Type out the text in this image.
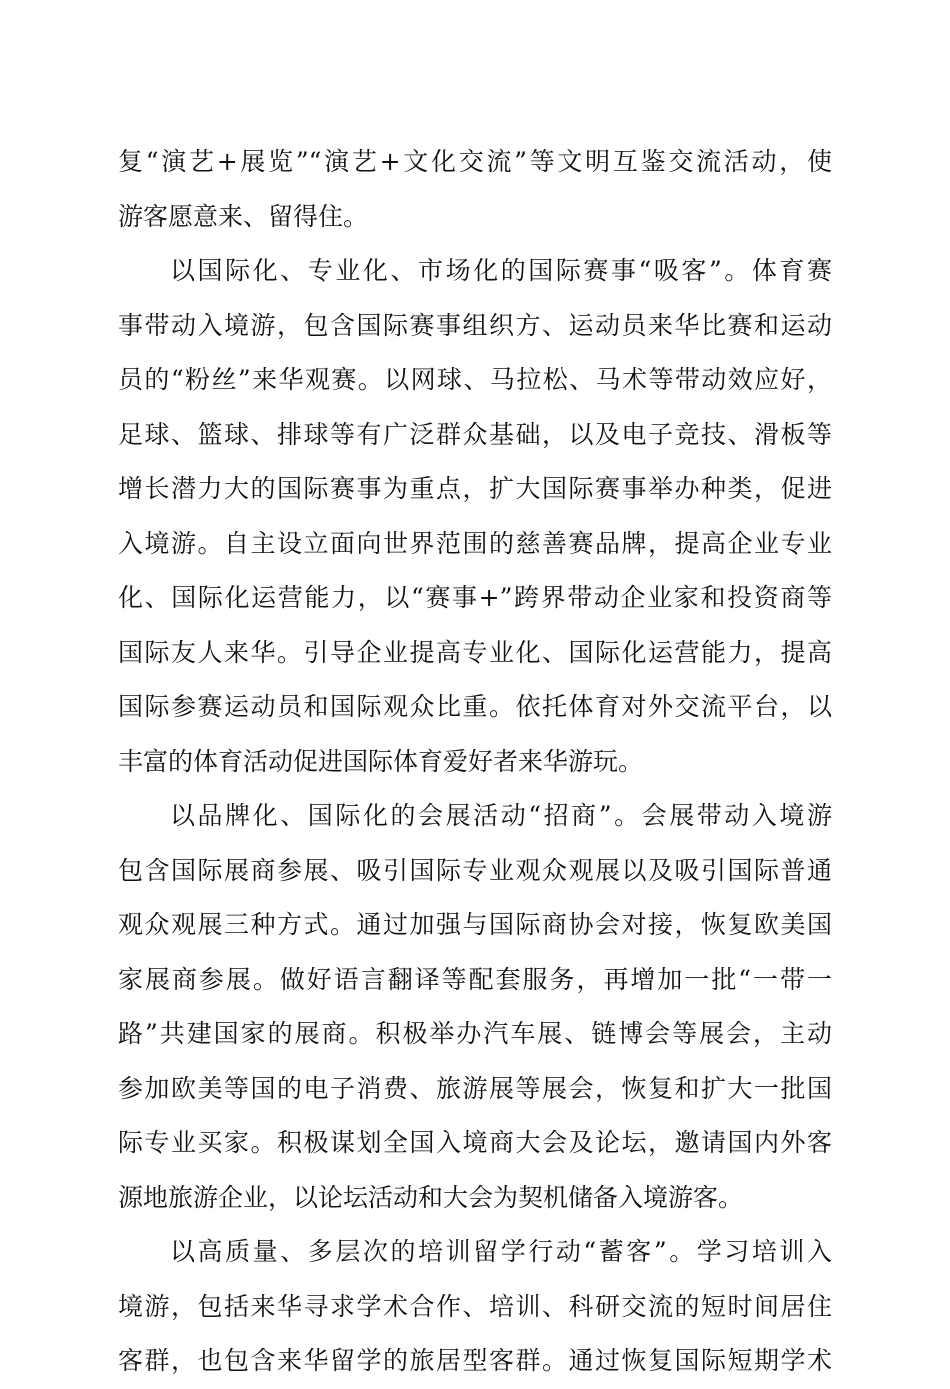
复“演艺+展览”“演艺+文化交流”等文明互鉴交流活动，使
游客愿意来、留得住。
以国际化、专业化、市场化的国际赛事“吸客”。体育赛
事带动入境游，包含国际赛事组织方、运动员来华比赛和运动
员的“粉丝”来华观赛。以网球、马拉松、马术等带动效应好，
足球、篮球、排球等有广泛群众基础，以及电子竞技、滑板等
增长潜力大的国际赛事为重点，扩大国际赛事举办种类，促进
入境游。自主设立面向世界范围的慈善赛品牌，提高企业专业
化、国际化运营能力，以“赛事+”跨界带动企业家和投资商等
国际友人来华。引导企业提高专业化、国际化运营能力，提高
国际参赛运动员和国际观众比重。依托体育对外交流平台，以
丰富的体育活动促进国际体育爱好者来华游玩。
以品牌化、国际化的会展活动“招商”。会展带动入境游
包含国际展商参展、吸引国际专业观众观展以及吸引国际普通
观众观展三种方式。通过加强与国际商协会对接，恢复欧美国
家展商参展。做好语言翻译等配套服务，再增加一批“一带一
路”共建国家的展商。积极举办汽车展、链博会等展会，主动
参加欧美等国的电子消费、旅游展等展会，恢复和扩大一批国
际专业买家。积极谋划全国入境商大会及论坛，邀请国内外客
源地旅游企业，以论坛活动和大会为契机储备入境游客。
以高质量、多层次的培训留学行动“蓄客”。学习培训入
境游，包括来华寻求学术合作、培训、科研交流的短时间居住
客群，也包含来华留学的旅居型客群。通过恢复国际短期学术
